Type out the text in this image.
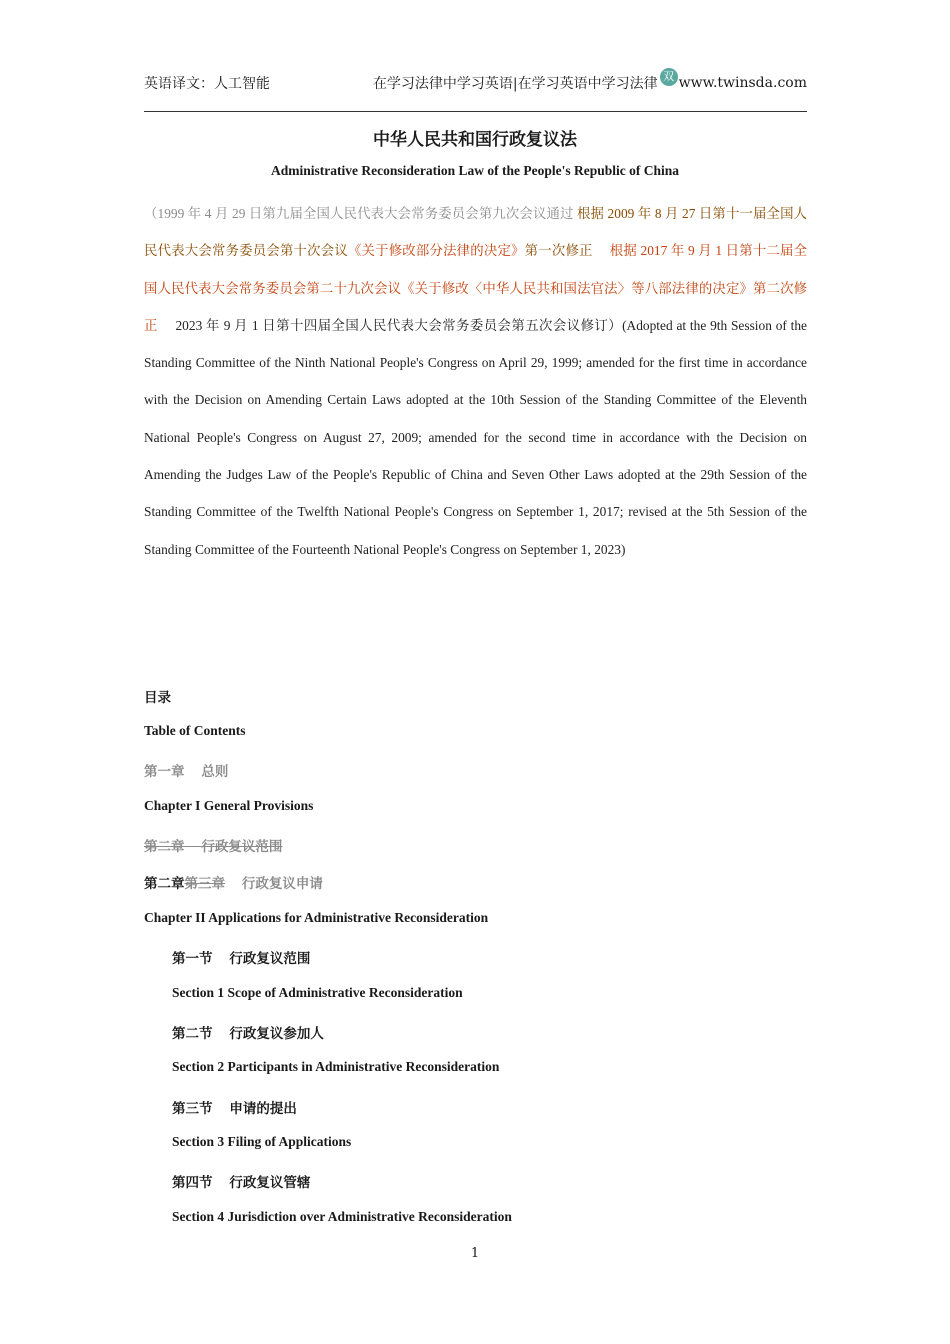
英语译文：人工智能	在学习法律中学习英语|在学习英语中学习法律 双 www.twinsda.com
中华人民共和国行政复议法
Administrative Reconsideration Law of the People's Republic of China
（1999 年 4 月 29 日第九届全国人民代表大会常务委员会第九次会议通过 根据 2009 年 8 月 27 日第十一届全国人民代表大会常务委员会第十次会议《关于修改部分法律的决定》第一次修正　 根据 2017 年 9 月 1 日第十二届全国人民代表大会常务委员会第二十九次会议《关于修改〈中华人民共和国法官法〉等八部法律的决定》第二次修正　 2023 年 9 月 1 日第十四届全国人民代表大会常务委员会第五次会议修订）(Adopted at the 9th Session of the Standing Committee of the Ninth National People's Congress on April 29, 1999; amended for the first time in accordance with the Decision on Amending Certain Laws adopted at the 10th Session of the Standing Committee of the Eleventh National People's Congress on August 27, 2009; amended for the second time in accordance with the Decision on Amending the Judges Law of the People's Republic of China and Seven Other Laws adopted at the 29th Session of the Standing Committee of the Twelfth National People's Congress on September 1, 2017; revised at the 5th Session of the Standing Committee of the Fourteenth National People's Congress on September 1, 2023)
目录
Table of Contents
第一章　 总则
Chapter I General Provisions
第二章　 行政复议范围
第二章第三章　 行政复议申请
Chapter II Applications for Administrative Reconsideration
第一节　 行政复议范围
Section 1 Scope of Administrative Reconsideration
第二节　 行政复议参加人
Section 2 Participants in Administrative Reconsideration
第三节　 申请的提出
Section 3 Filing of Applications
第四节　 行政复议管辖
Section 4 Jurisdiction over Administrative Reconsideration
1
